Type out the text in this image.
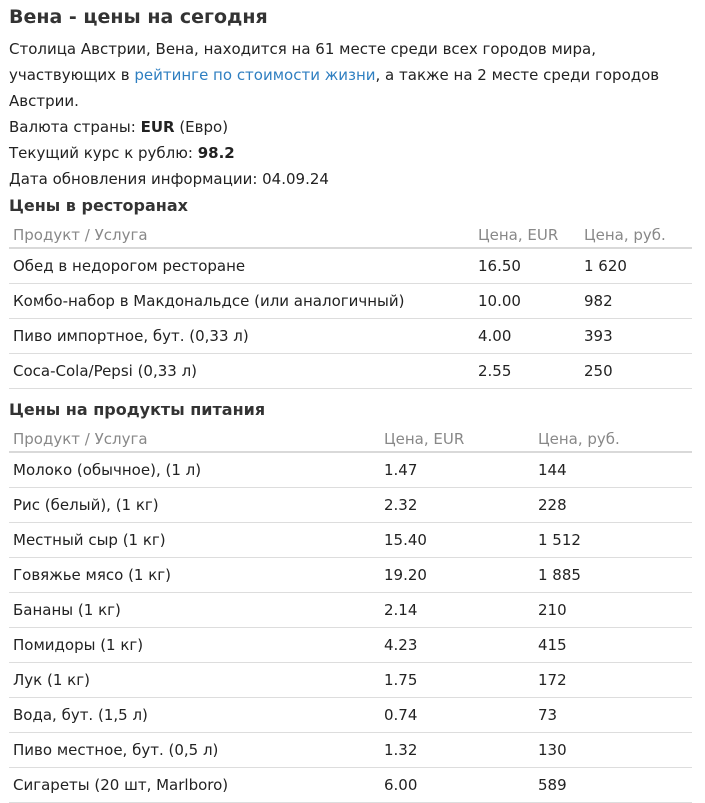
Вена - цены на сегодня

Столица Австрии, Вена, находится на 61 месте среди всех городов мира, участвующих в рейтинге по стоимости жизни, а также на 2 месте среди городов Австрии.

Валюта страны: EUR (Евро)

Текущий курс к рублю: 98.2

Дата обновления информации: 04.09.24

Цены в ресторанах
Продукт / Услуга	Цена, EUR	Цена, руб.
Обед в недорогом ресторане	16.50	1 620
Комбо-набор в Макдональдсе (или аналогичный)	10.00	982
Пиво импортное, бут. (0,33 л)	4.00	393
Coca-Cola/Pepsi (0,33 л)	2.55	250
Цены на продукты питания
Продукт / Услуга	Цена, EUR	Цена, руб.
Молоко (обычное), (1 л)	1.47	144
Рис (белый), (1 кг)	2.32	228
Местный сыр (1 кг)	15.40	1 512
Говяжье мясо (1 кг)	19.20	1 885
Бананы (1 кг)	2.14	210
Помидоры (1 кг)	4.23	415
Лук (1 кг)	1.75	172
Вода, бут. (1,5 л)	0.74	73
Пиво местное, бут. (0,5 л)	1.32	130
Сигареты (20 шт, Marlboro)	6.00	589
